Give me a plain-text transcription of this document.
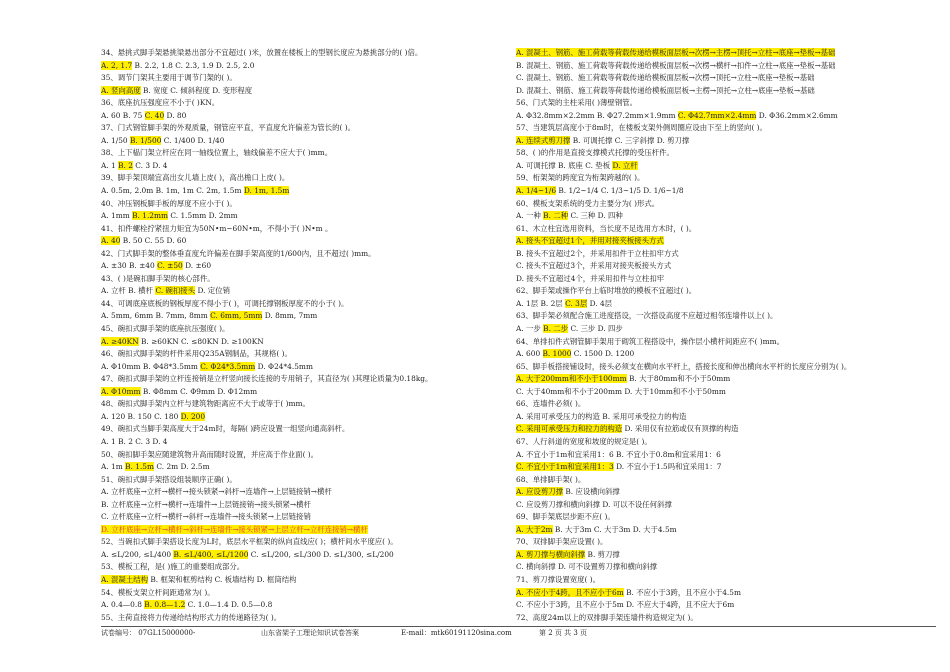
34、悬挑式脚手架悬挑梁悬出部分不宜超过( )米，放置在楼板上的型钢长度应为悬挑部分的( )倍。
A. 2, 1.7 B. 2.2, 1.8 C. 2.3, 1.9 D. 2.5, 2.0
35、调节门架其主要用于调节门架的( )。
A. 竖向高度 B. 宽度 C. 倾斜程度 D. 变形程度
36、底座抗压强度应不小于( )KN。
A. 60 B. 75 C. 40 D. 80
37、门式钢管脚手架的外观质量，钢管应平直，平直度允许偏差为管长的( )。
A. 1/50 B. 1/500 C. 1/400 D. 1/40
38、上下榀门架立杆应在同一轴线位置上，轴线偏差不应大于( )mm。
A. 1 B. 2 C. 3 D. 4
39、脚手架顶端宜高出女儿墙上皮( )，高出檐口上皮( )。
A. 0.5m, 2.0m B. 1m, 1m C. 2m, 1.5m D. 1m, 1.5m
40、冲压钢板脚手板的厚度不应小于( )。
A. 1mm B. 1.2mm C. 1.5mm D. 2mm
41、扣件螺栓拧紧扭力矩宜为50N•m~60N•m，不得小于( )N•m 。
A. 40 B. 50 C. 55 D. 60
42、门式脚手架的整体垂直度允许偏差在脚手架高度的1/600内，且不超过( )mm。
A. ±30 B. ±40 C. ±50 D. ±60
43、( )是碗扣脚手架的核心部件。
A. 立杆 B. 横杆 C. 碗扣接头 D. 定位销
44、可调底座底板的钢板厚度不得小于( )，可调托撑钢板厚度不的小于( )。
A. 5mm, 6mm B. 7mm, 8mm C. 6mm, 5mm D. 8mm, 7mm
45、碗扣式脚手架的底座抗压强度( )。
A. ≥40KN B. ≥60KN C. ≤80KN D. ≥100KN
46、碗扣式脚手架的杆件采用Q235A钢制品，其规格( )。
A. Φ10mm B. Φ48*3.5mm C. Φ24*3.5mm D. Φ24*4.5mm
47、碗扣式脚手架的立杆连接销是立杆竖向接长连接的专用销子，其直径为( )其理论质量为0.18kg。
A. Φ10mm B. Φ8mm C. Φ9mm D. Φ12mm
48、碗扣式脚手架内立杆与建筑物距离应不大于或等于( )mm。
A. 120 B. 150 C. 180 D. 200
49、碗扣式当脚手架高度大于24m时，每隔( )跨应设置一组竖向通高斜杆。
A. 1 B. 2 C. 3 D. 4
50、碗扣脚手架应随建筑物升高而随时设置，并应高于作业面( )。
A. 1m B. 1.5m C. 2m D. 2.5m
51、碗扣式脚手架搭设组装顺序正确( )。
A. 立杆底座→立杆→横杆→接头锁紧→斜杆→连墙件→上层链接销→横杆
B. 立杆底座→立杆→横杆→连墙件→上层链接销→接头锁紧→横杆
C. 立杆底座→立杆→横杆→斜杆→连墙件→接头锁紧→上层链接销
D. 立杆底座→立杆→横杆→斜杆→连墙件→接头锁紧→上层立杆→立杆连接销→横杆
52、当碗扣式脚手架搭设长度为L时，底层水平框架的纵向直线应( )；横杆间水平度应( )。
A. ≤L/200, ≤L/400 B. ≤L/400, ≤L/1200 C. ≤L/200, ≤L/300 D. ≤L/300, ≤L/200
53、模板工程，是( )施工的重要组成部分。
A. 混凝土结构 B. 框架和框剪结构 C. 板墙结构 D. 框筒结构
54、模板支架立杆间距通常为( )。
A. 0.4—0.8 B. 0.8—1.2 C. 1.0—1.4 D. 0.5—0.8
55、主荷直接将力传递给结构形式力的传递路径为( )。
A. 混凝土、钢筋、施工荷载等荷载传递给模板面层板→次楞→主楞→顶托→立柱→底座→垫板→基础
B. 混凝土、钢筋、施工荷载等荷载传递给模板面层板→次楞→横杆→扣件→立柱→底座→垫板→基础
C. 混凝土、钢筋、施工荷载等荷载传递给模板面层板→次楞→顶托→立柱→底座→垫板→基础
D. 混凝土、钢筋、施工荷载等荷载传递给模板面层板→主楞→顶托→立柱→底座→垫板→基础
56、门式架的主柱采用( )薄壁钢管。
A. Φ32.8mm×2.2mm B. Φ27.2mm×1.9mm C. Φ42.7mm×2.4mm D. Φ36.2mm×2.6mm
57、当建筑层高度小于8m时，在楼板支架外侧周圈应设由下至上的竖向( )。
A. 连续式剪刀撑 B. 可调托撑 C. 三字斜撑 D. 剪刀撑
58、( )的作用是直接支撑模式托撑的受压杆件。
A. 可调托撑 B. 底座 C. 垫板 D. 立杆
59、桁架架的跨度宜为桁架跨越的( )。
A. 1/4~1/6 B. 1/2~1/4 C. 1/3~1/5 D. 1/6~1/8
60、模板支架系统的受力主要分为( )形式。
A. 一种 B. 二种 C. 三种 D. 四种
61、木立柱宜选用资料，当长度不足选用方木时，( )。
A. 接头不宜超过1个，并用对接夹板接头方式
B. 接头不宜超过2个，并采用扣件于立柱扣牢方式
C. 接头不宜超过3个，并采用对接夹板接头方式
D. 接头不宜超过4个，并采用扣件与立柱扣牢
62、脚手架或操作平台上临时堆放的模板不宜超过( )。
A. 1层 B. 2层 C. 3层 D. 4层
63、脚手架必须配合施工进度搭设，一次搭设高度不应超过相邻连墙件以上( )。
A. 一步 B. 二步 C. 三步 D. 四步
64、单排扣件式钢管脚手架用于砌筑工程搭设中，操作层小横杆间距应不( )mm。
A. 600 B. 1000 C. 1500 D. 1200
65、脚手板搭接铺设时，接头必须支在横向水平杆上，搭接长度和伸出横向水平杆的长度应分别为( )。
A. 大于200mm和不小于100mm B. 大于80mm和不小于50mm
C. 大于40mm和不小于200mm D. 大于10mm和不小于50mm
66、连墙件必须( )。
A. 采用可承受压力的构造 B. 采用可承受拉力的构造
C. 采用可承受压力和拉力的构造 D. 采用仅有拉筋或仅有顶撑的构造
67、人行斜道的宽度和坡度的规定是( )。
A. 不宜小于1m和宜采用1：6 B. 不宜小于0.8m和宜采用1：6
C. 不宜小于1m和宜采用1：3 D. 不宜小于1.5吗和宜采用1：7
68、单排脚手架( )。
A. 应设剪刀撑 B. 应设横向斜撑
C. 应设剪刀撑和横向斜撑 D. 可以不设任何斜撑
69、脚手架底层步距不应( )。
A. 大于2m B. 大于3m C. 大于3m D. 大于4.5m
70、双排脚手架应设置( )。
A. 剪刀撑与横向斜撑 B. 剪刀撑
C. 横向斜撑 D. 可不设置剪刀撑和横向斜撑
71、剪刀撑设置宽度( )。
A. 不应小于4跨，且不应小于6m B. 不应小于3跨，且不应小于4.5m
C. 不应小于3跨，且不应小于5m D. 不应大于4跨，且不应大于6m
72、高度24m以上的双排脚手架连墙件构造规定为( )。
试卷编号： 07GL15000000-	山东省架子工理论知识试卷答案	E-mail：mtk60191120sina.com	第 2 页 共 3 页
